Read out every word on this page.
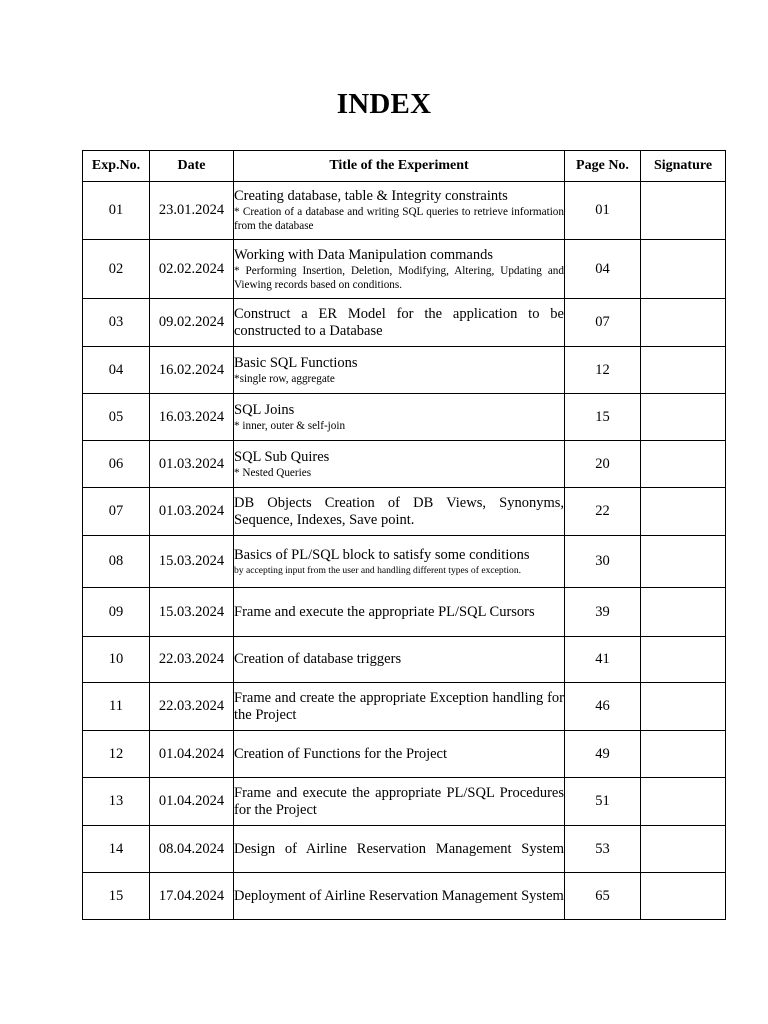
INDEX
Exp.No.	Date	Title of the Experiment	Page No.	Signature
01	23.01.2024	Creating database, table & Integrity constraints
* Creation of a database and writing SQL queries to retrieve information from the database	01	
02	02.02.2024	Working with Data Manipulation commands
* Performing Insertion, Deletion, Modifying, Altering, Updating and Viewing records based on conditions.	04	
03	09.02.2024	Construct a ER Model for the application to be constructed to a Database	07	
04	16.02.2024	Basic SQL Functions
*single row, aggregate	12	
05	16.03.2024	SQL Joins
* inner, outer & self-join	15	
06	01.03.2024	SQL Sub Quires
* Nested Queries	20	
07	01.03.2024	DB Objects Creation of DB Views, Synonyms, Sequence, Indexes, Save point.	22	
08	15.03.2024	Basics of PL/SQL block to satisfy some conditions
by accepting input from the user and handling different types of exception.	30	
09	15.03.2024	Frame and execute the appropriate PL/SQL Cursors	39	
10	22.03.2024	Creation of database triggers	41	
11	22.03.2024	Frame and create the appropriate Exception handling for the Project	46	
12	01.04.2024	Creation of Functions for the Project	49	
13	01.04.2024	Frame and execute the appropriate PL/SQL Procedures for the Project	51	
14	08.04.2024	Design of Airline Reservation Management System	53	
15	17.04.2024	Deployment of Airline Reservation Management System	65	
